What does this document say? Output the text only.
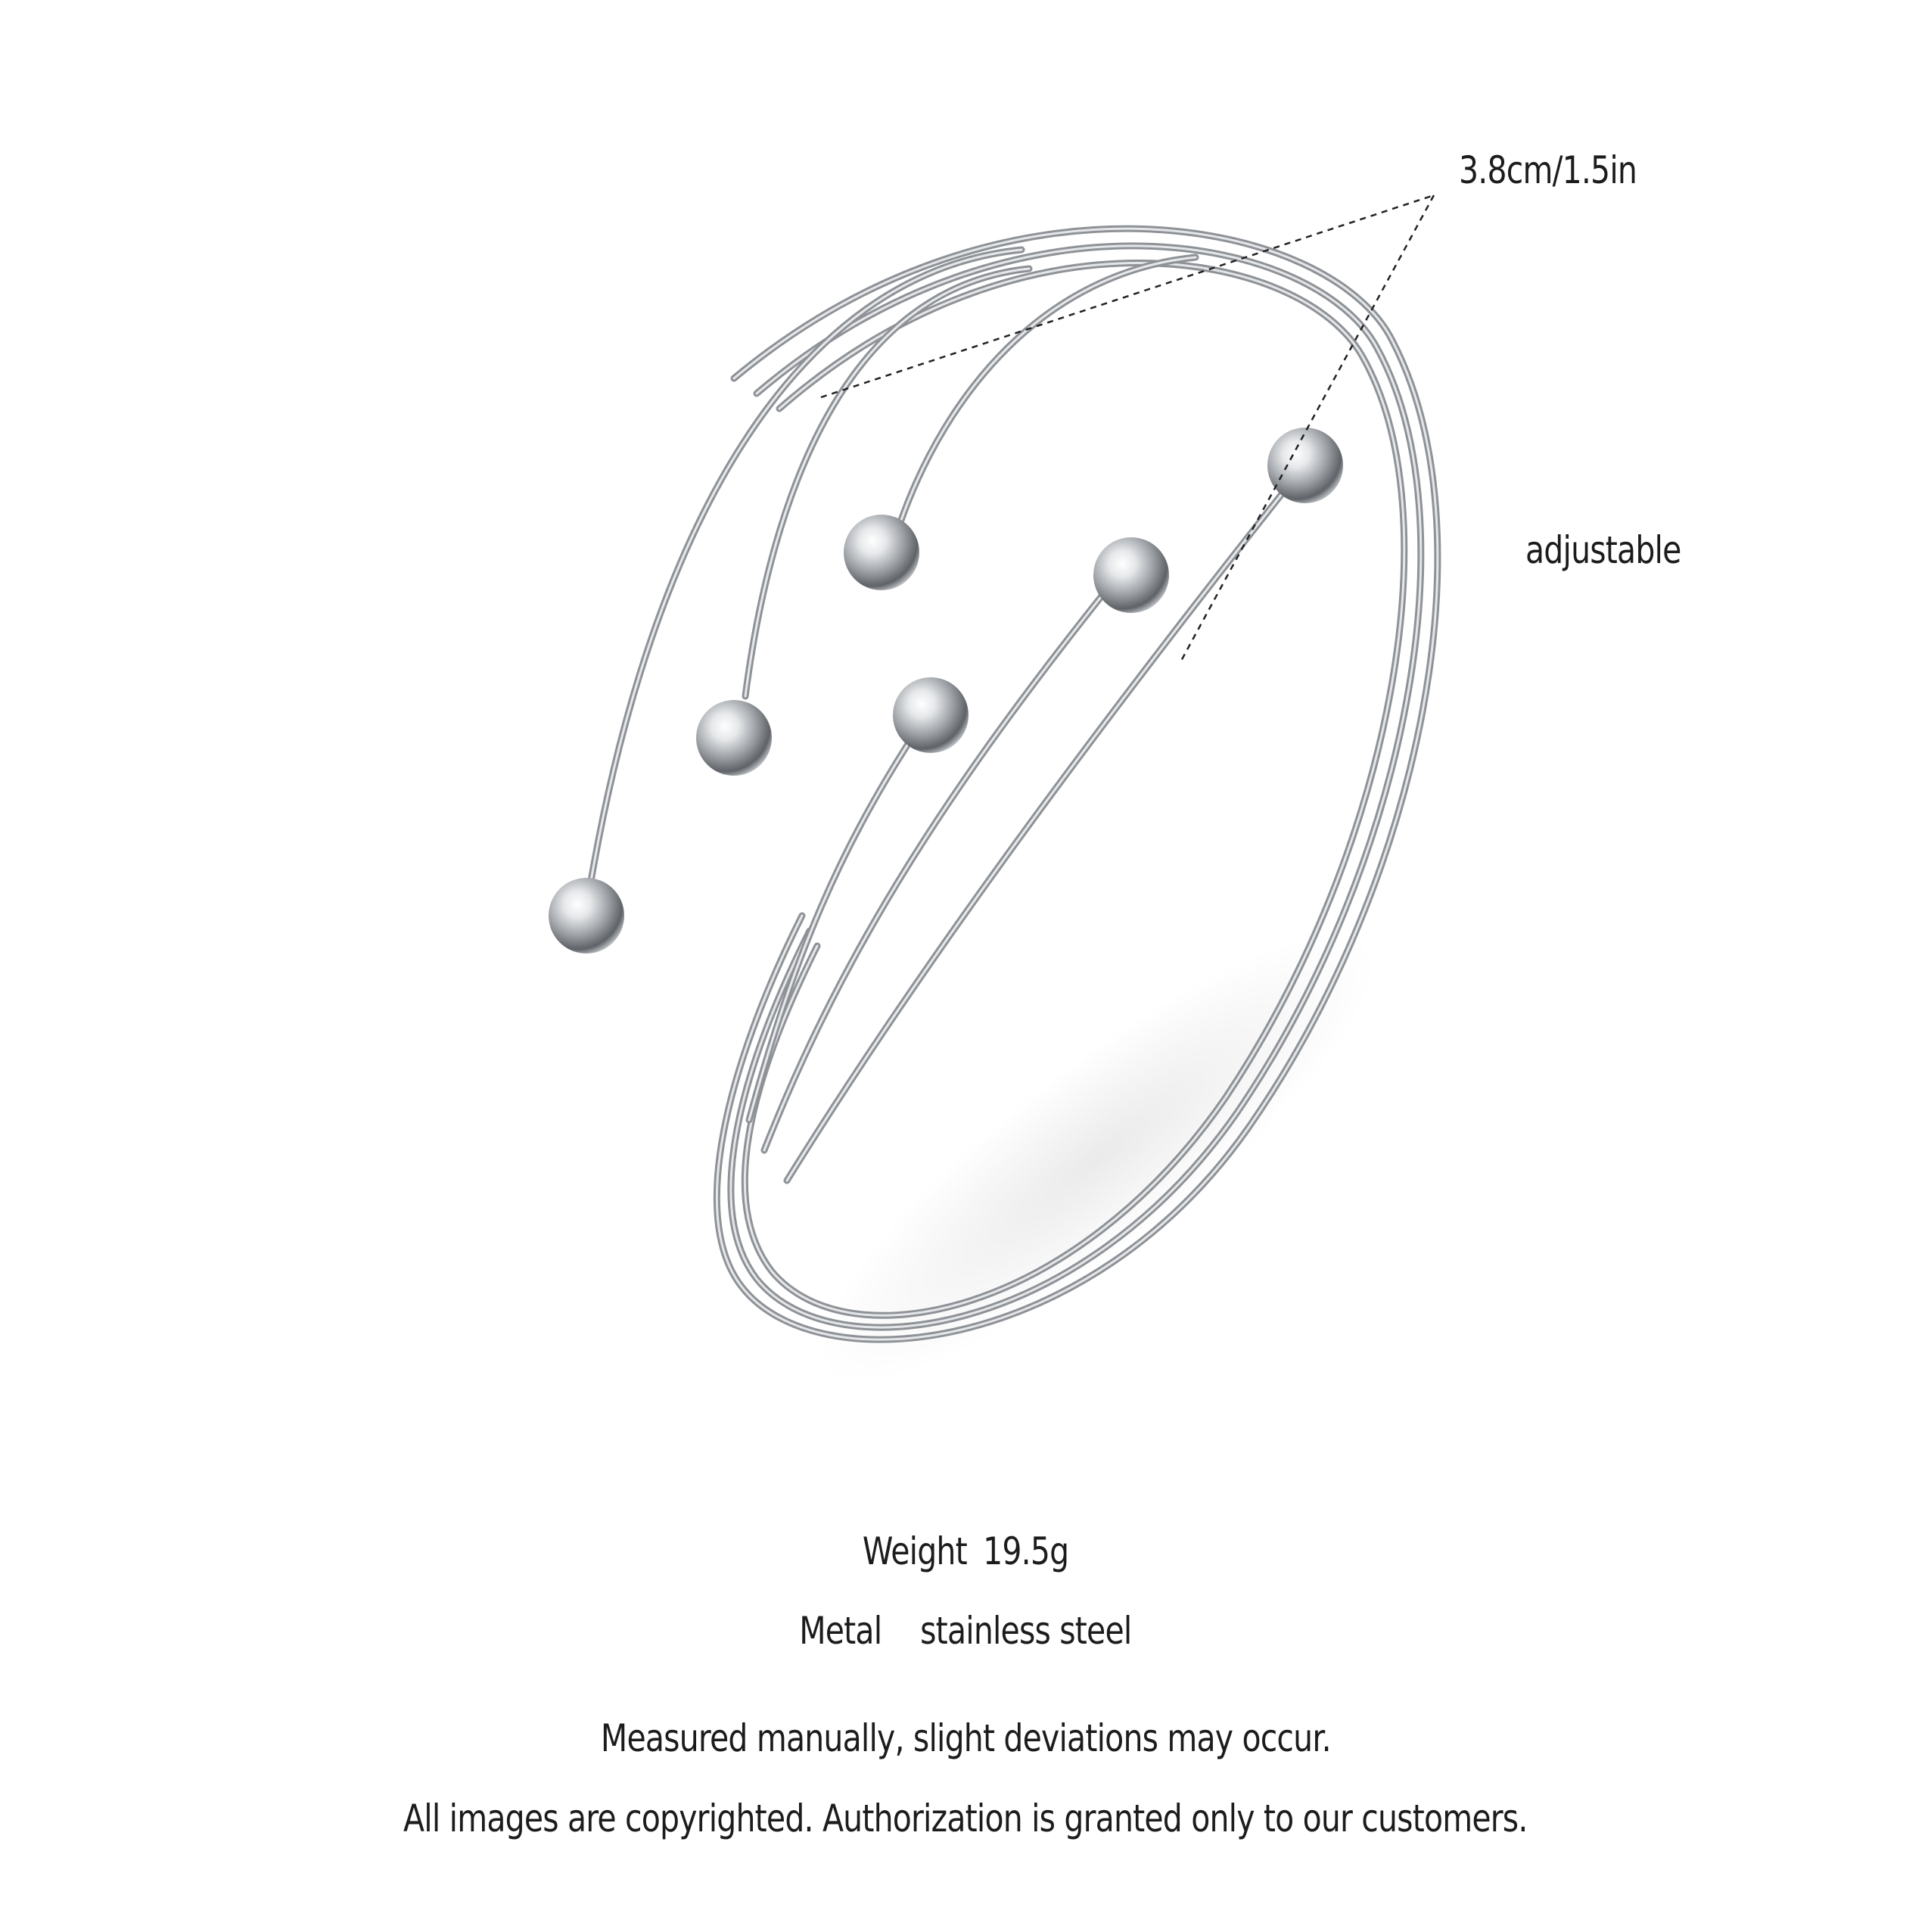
3.8cm/1.5in
adjustable
Weight 19.5g
Metal stainless steel
Measured manually, slight deviations may occur.
All images are copyrighted. Authorization is granted only to our customers.
